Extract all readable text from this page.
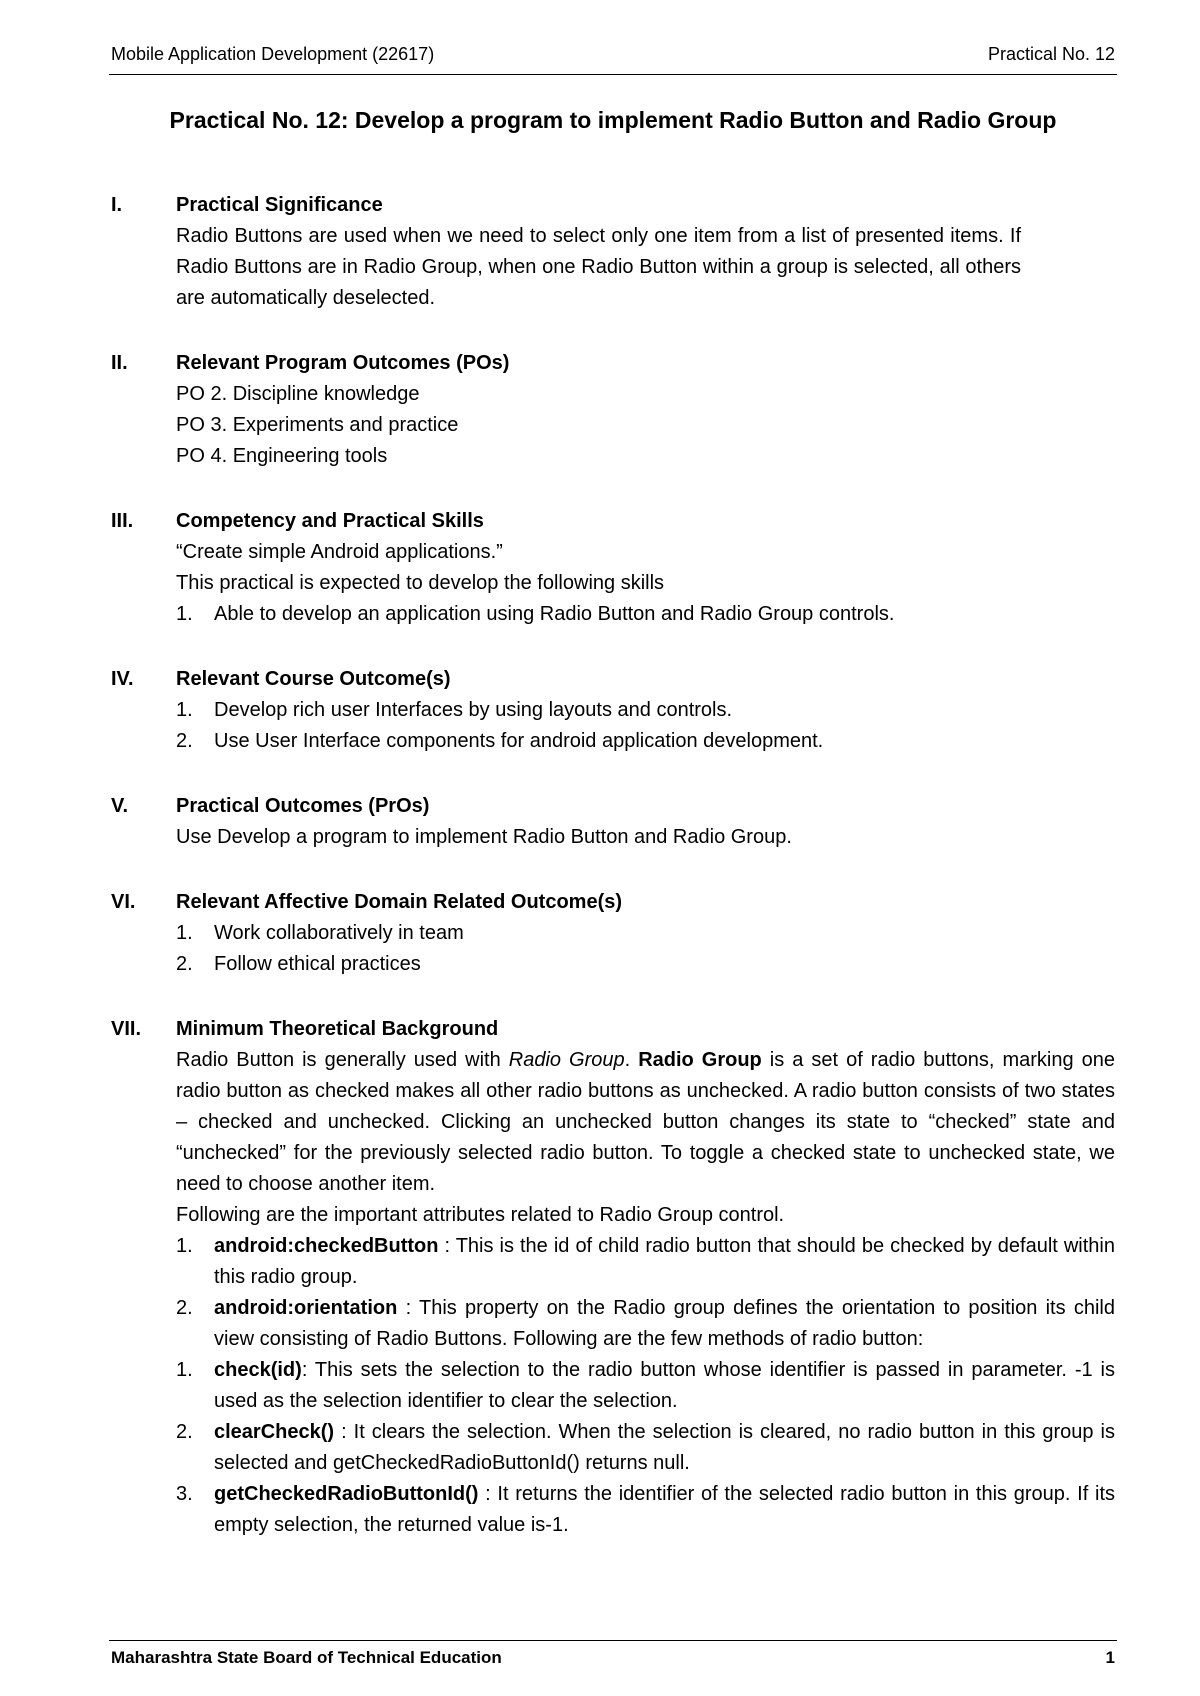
Mobile Application Development (22617)	Practical No. 12
Practical No. 12: Develop a program to implement Radio Button and Radio Group
I.	Practical Significance
Radio Buttons are used when we need to select only one item from a list of presented items. If Radio Buttons are in Radio Group, when one Radio Button within a group is selected, all others are automatically deselected.
II. Relevant Program Outcomes (POs)
PO 2. Discipline knowledge
PO 3. Experiments and practice
PO 4. Engineering tools
III. Competency and Practical Skills
“Create simple Android applications.”
This practical is expected to develop the following skills
1. Able to develop an application using Radio Button and Radio Group controls.
IV. Relevant Course Outcome(s)
1. Develop rich user Interfaces by using layouts and controls.
2. Use User Interface components for android application development.
V. Practical Outcomes (PrOs)
Use Develop a program to implement Radio Button and Radio Group.
VI. Relevant Affective Domain Related Outcome(s)
1. Work collaboratively in team
2. Follow ethical practices
VII. Minimum Theoretical Background
Radio Button is generally used with Radio Group. Radio Group is a set of radio buttons, marking one radio button as checked makes all other radio buttons as unchecked. A radio button consists of two states – checked and unchecked. Clicking an unchecked button changes its state to “checked” state and “unchecked” for the previously selected radio button. To toggle a checked state to unchecked state, we need to choose another item.
Following are the important attributes related to Radio Group control.
1. android:checkedButton : This is the id of child radio button that should be checked by default within this radio group.
2. android:orientation : This property on the Radio group defines the orientation to position its child view consisting of Radio Buttons. Following are the few methods of radio button:
1. check(id): This sets the selection to the radio button whose identifier is passed in parameter. -1 is used as the selection identifier to clear the selection.
2. clearCheck() : It clears the selection. When the selection is cleared, no radio button in this group is selected and getCheckedRadioButtonId() returns null.
3. getCheckedRadioButtonId() : It returns the identifier of the selected radio button in this group. If its empty selection, the returned value is-1.
Maharashtra State Board of Technical Education	1
